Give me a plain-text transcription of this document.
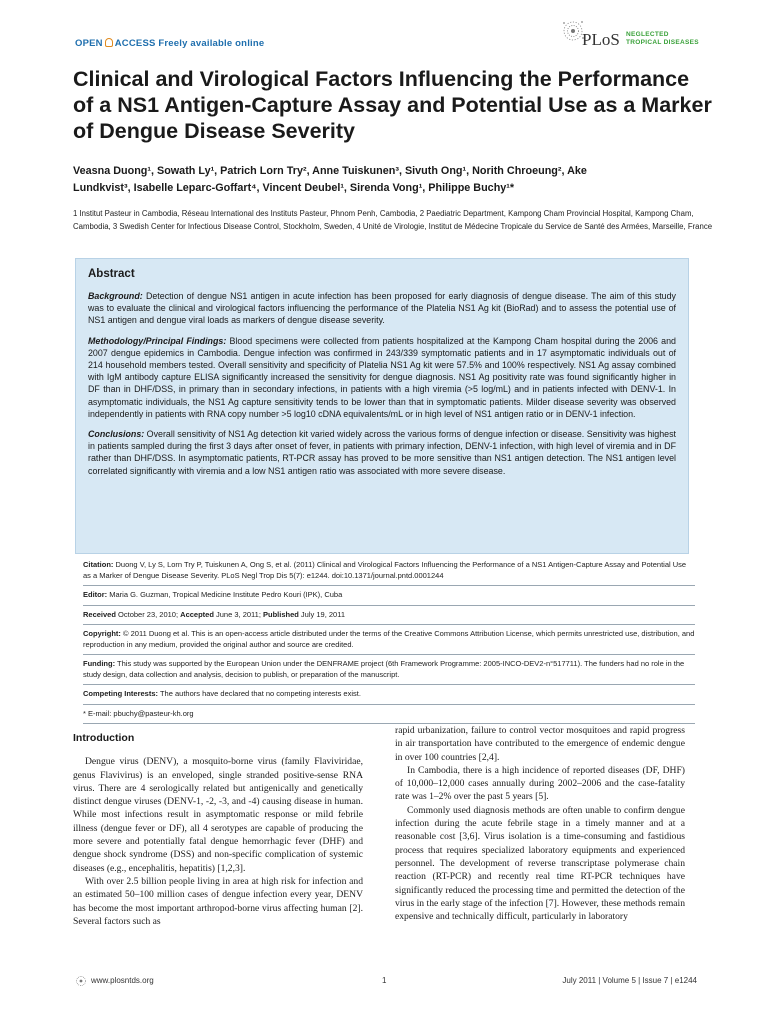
OPEN ACCESS Freely available online	PLoS NEGLECTED
TROPICAL DISEASES
Clinical and Virological Factors Influencing the Performance of a NS1 Antigen-Capture Assay and Potential Use as a Marker of Dengue Disease Severity
Veasna Duong¹, Sowath Ly¹, Patrich Lorn Try², Anne Tuiskunen³, Sivuth Ong¹, Norith Chroeung², Ake
Lundkvist³, Isabelle Leparc-Goffart⁴, Vincent Deubel¹, Sirenda Vong¹, Philippe Buchy¹*

1 Institut Pasteur in Cambodia, Réseau International des Instituts Pasteur, Phnom Penh, Cambodia, 2 Paediatric Department, Kampong Cham Provincial Hospital, Kampong Cham, Cambodia, 3 Swedish Center for Infectious Disease Control, Stockholm, Sweden, 4 Unité de Virologie, Institut de Médecine Tropicale du Service de Santé des Armées, Marseille, France

Abstract

Background: Detection of dengue NS1 antigen in acute infection has been proposed for early diagnosis of dengue disease. The aim of this study was to evaluate the clinical and virological factors influencing the performance of the Platelia NS1 Ag kit (BioRad) and to assess the potential use of NS1 antigen and dengue viral loads as markers of dengue disease severity.

Methodology/Principal Findings: Blood specimens were collected from patients hospitalized at the Kampong Cham hospital during the 2006 and 2007 dengue epidemics in Cambodia. Dengue infection was confirmed in 243/339 symptomatic patients and in 17 asymptomatic individuals out of 214 household members tested. Overall sensitivity and specificity of Platelia NS1 Ag kit were 57.5% and 100% respectively. NS1 Ag assay combined with IgM antibody capture ELISA significantly increased the sensitivity for dengue diagnosis. NS1 Ag positivity rate was found significantly higher in DF than in DHF/DSS, in primary than in secondary infections, in patients with a high viremia (>5 log/mL) and in patients infected with DENV-1. In asymptomatic individuals, the NS1 Ag capture sensitivity tends to be lower than that in symptomatic patients. Milder disease severity was observed independently in patients with RNA copy number >5 log10 cDNA equivalents/mL or in high level of NS1 antigen ratio or in DENV-1 infection.

Conclusions: Overall sensitivity of NS1 Ag detection kit varied widely across the various forms of dengue infection or disease. Sensitivity was highest in patients sampled during the first 3 days after onset of fever, in patients with primary infection, DENV-1 infection, with high level of viremia and in DF rather than DHF/DSS. In asymptomatic patients, RT-PCR assay has proved to be more sensitive than NS1 antigen detection. The NS1 antigen level correlated significantly with viremia and a low NS1 antigen ratio was associated with more severe disease.

Citation: Duong V, Ly S, Lorn Try P, Tuiskunen A, Ong S, et al. (2011) Clinical and Virological Factors Influencing the Performance of a NS1 Antigen-Capture Assay and Potential Use as a Marker of Dengue Disease Severity. PLoS Negl Trop Dis 5(7): e1244. doi:10.1371/journal.pntd.0001244

Editor: Maria G. Guzman, Tropical Medicine Institute Pedro Kouri (IPK), Cuba

Received October 23, 2010; Accepted June 3, 2011; Published July 19, 2011

Copyright: © 2011 Duong et al. This is an open-access article distributed under the terms of the Creative Commons Attribution License, which permits unrestricted use, distribution, and reproduction in any medium, provided the original author and source are credited.

Funding: This study was supported by the European Union under the DENFRAME project (6th Framework Programme: 2005-INCO-DEV2-n°517711). The funders had no role in the study design, data collection and analysis, decision to publish, or preparation of the manuscript.

Competing Interests: The authors have declared that no competing interests exist.

* E-mail: pbuchy@pasteur-kh.org

Introduction

Dengue virus (DENV), a mosquito-borne virus (family Flaviviridae, genus Flavivirus) is an enveloped, single stranded positive-sense RNA virus. There are 4 serologically related but antigenically and genetically distinct dengue viruses (DENV-1, -2, -3, and -4) causing disease in human. While most infections result in asymptomatic response or mild febrile illness (dengue fever or DF), all 4 serotypes are capable of producing the more severe and potentially fatal dengue hemorrhagic fever (DHF) and dengue shock syndrome (DSS) and non-specific complication of systemic diseases (e.g., encephalitis, hepatitis) [1,2,3].

With over 2.5 billion people living in area at high risk for infection and an estimated 50–100 million cases of dengue infection every year, DENV has become the most important arthropod-borne virus affecting human [2]. Several factors such as

rapid urbanization, failure to control vector mosquitoes and rapid progress in air transportation have contributed to the emergence of endemic dengue in over 100 countries [2,4].

In Cambodia, there is a high incidence of reported diseases (DF, DHF) of 10,000–12,000 cases annually during 2002–2006 and the case-fatality rate was 1–2% over the past 5 years [5].

Commonly used diagnosis methods are often unable to confirm dengue infection during the acute febrile stage in a timely manner and at a reasonable cost [3,6]. Virus isolation is a time-consuming and fastidious process that requires specialized laboratory equipments and experienced personnel. The development of reverse transcriptase polymerase chain reaction (RT-PCR) and recently real time RT-PCR techniques have significantly reduced the processing time and permitted the detection of the virus in the early stage of the infection [7]. However, these methods remain expensive and technically difficult, particularly in laboratory

www.plosntds.org	1	July 2011 | Volume 5 | Issue 7 | e1244
